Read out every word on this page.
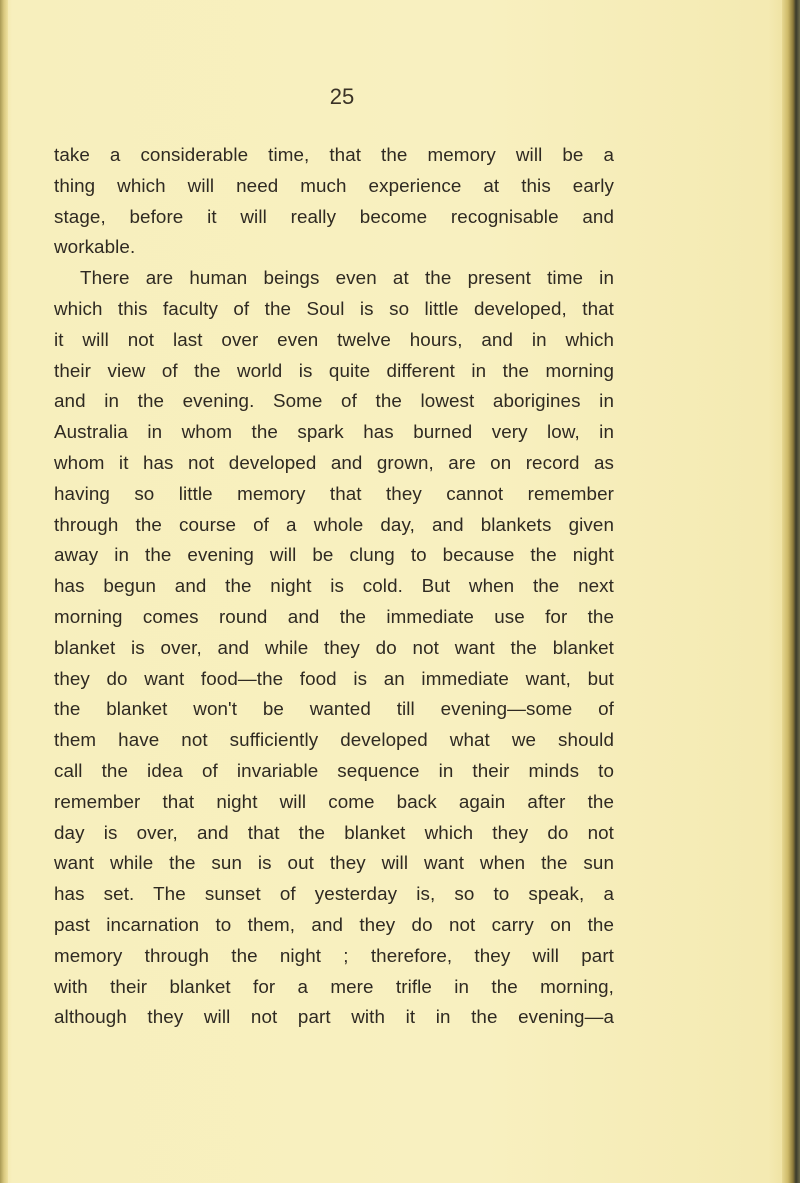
25
take a considerable time, that the memory will be a
thing which will need much experience at this early
stage, before it will really become recognisable and
workable.
There are human beings even at the present time in
which this faculty of the Soul is so little developed, that
it will not last over even twelve hours, and in which
their view of the world is quite different in the morning
and in the evening. Some of the lowest aborigines in
Australia in whom the spark has burned very low, in
whom it has not developed and grown, are on record as
having so little memory that they cannot remember
through the course of a whole day, and blankets given
away in the evening will be clung to because the night
has begun and the night is cold. But when the next
morning comes round and the immediate use for the
blanket is over, and while they do not want the blanket
they do want food—the food is an immediate want, but
the blanket won't be wanted till evening—some of
them have not sufficiently developed what we should
call the idea of invariable sequence in their minds to
remember that night will come back again after the
day is over, and that the blanket which they do not
want while the sun is out they will want when the sun
has set. The sunset of yesterday is, so to speak, a
past incarnation to them, and they do not carry on the
memory through the night ; therefore, they will part
with their blanket for a mere trifle in the morning,
although they will not part with it in the evening—a
